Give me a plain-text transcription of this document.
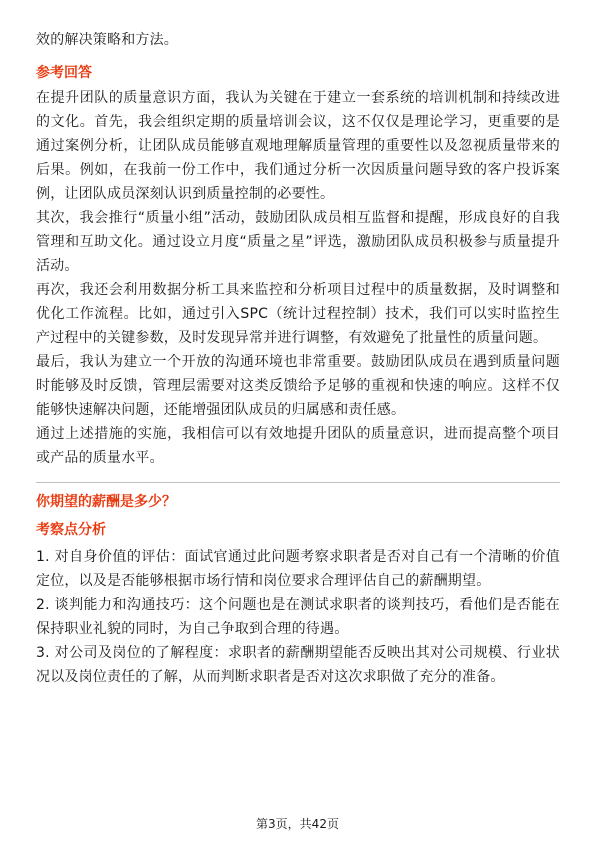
效的解决策略和方法。

参考回答

在提升团队的质量意识方面，我认为关键在于建立一套系统的培训机制和持续改进的文化。首先，我会组织定期的质量培训会议，这不仅仅是理论学习，更重要的是通过案例分析，让团队成员能够直观地理解质量管理的重要性以及忽视质量带来的后果。例如，在我前一份工作中，我们通过分析一次因质量问题导致的客户投诉案例，让团队成员深刻认识到质量控制的必要性。

其次，我会推行“质量小组”活动，鼓励团队成员相互监督和提醒，形成良好的自我管理和互助文化。通过设立月度“质量之星”评选，激励团队成员积极参与质量提升活动。

再次，我还会利用数据分析工具来监控和分析项目过程中的质量数据，及时调整和优化工作流程。比如，通过引入SPC（统计过程控制）技术，我们可以实时监控生产过程中的关键参数，及时发现异常并进行调整，有效避免了批量性的质量问题。

最后，我认为建立一个开放的沟通环境也非常重要。鼓励团队成员在遇到质量问题时能够及时反馈，管理层需要对这类反馈给予足够的重视和快速的响应。这样不仅能够快速解决问题，还能增强团队成员的归属感和责任感。

通过上述措施的实施，我相信可以有效地提升团队的质量意识，进而提高整个项目或产品的质量水平。

你期望的薪酬是多少？

考察点分析

1. 对自身价值的评估：面试官通过此问题考察求职者是否对自己有一个清晰的价值定位，以及是否能够根据市场行情和岗位要求合理评估自己的薪酬期望。

2. 谈判能力和沟通技巧：这个问题也是在测试求职者的谈判技巧，看他们是否能在保持职业礼貌的同时，为自己争取到合理的待遇。

3. 对公司及岗位的了解程度：求职者的薪酬期望能否反映出其对公司规模、行业状况以及岗位责任的了解，从而判断求职者是否对这次求职做了充分的准备。

第3页，共42页
